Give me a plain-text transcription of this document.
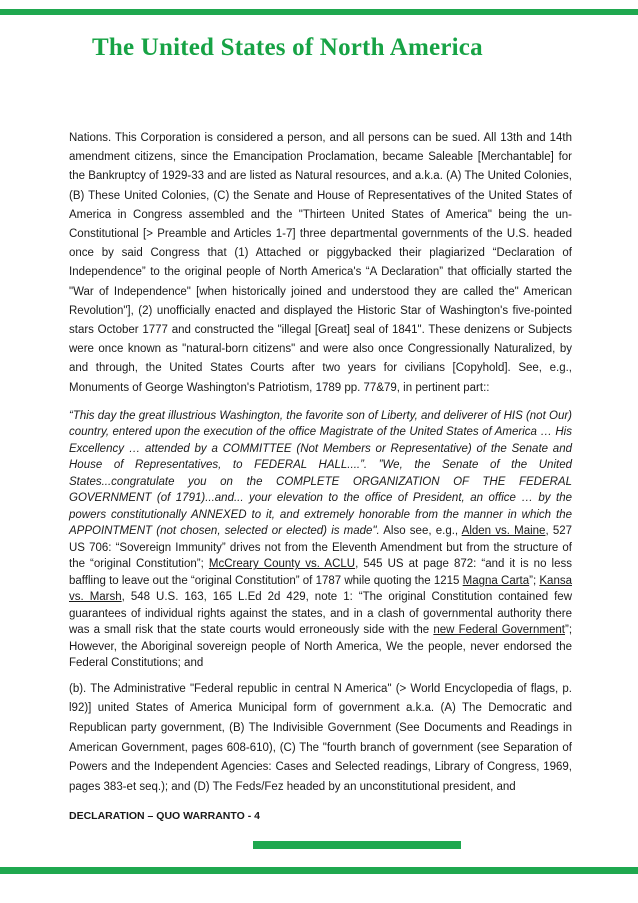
The United States of North America

Nations. This Corporation is considered a person, and all persons can be sued. All 13th and 14th amendment citizens, since the Emancipation Proclamation, became Saleable [Merchantable] for the Bankruptcy of 1929-33 and are listed as Natural resources, and a.k.a. (A) The United Colonies, (B) These United Colonies, (C) the Senate and House of Representatives of the United States of America in Congress assembled and the "Thirteen United States of America" being the un-Constitutional [> Preamble and Articles 1-7] three departmental governments of the U.S. headed once by said Congress that (1) Attached or piggybacked their plagiarized “Declaration of Independence” to the original people of North America's “A Declaration” that officially started the "War of Independence" [when historically joined and understood they are called the" American Revolution"], (2) unofficially enacted and displayed the Historic Star of Washington's five-pointed stars October 1777 and constructed the "illegal [Great] seal of 1841". These denizens or Subjects were once known as "natural-born citizens" and were also once Congressionally Naturalized, by and through, the United States Courts after two years for civilians [Copyhold]. See, e.g., Monuments of George Washington's Patriotism, 1789 pp. 77&79, in pertinent part::

“This day the great illustrious Washington, the favorite son of Liberty, and deliverer of HIS (not Our) country, entered upon the execution of the office Magistrate of the United States of America … His Excellency … attended by a COMMITTEE (Not Members or Representative) of the Senate and House of Representatives, to FEDERAL HALL....”. ”We, the Senate of the United States...congratulate you on the COMPLETE ORGANIZATION OF THE FEDERAL GOVERNMENT (of 1791)...and... your elevation to the office of President, an office … by the powers constitutionally ANNEXED to it, and extremely honorable from the manner in which the APPOINTMENT (not chosen, selected or elected) is made". Also see, e.g., Alden vs. Maine, 527 US 706: “Sovereign Immunity” drives not from the Eleventh Amendment but from the structure of the “original Constitution”; McCreary County vs. ACLU, 545 US at page 872: “and it is no less baffling to leave out the “original Constitution” of 1787 while quoting the 1215 Magna Carta”; Kansa vs. Marsh, 548 U.S. 163, 165 L.Ed 2d 429, note 1: “The original Constitution contained few guarantees of individual rights against the states, and in a clash of governmental authority there was a small risk that the state courts would erroneously side with the new Federal Government”; However, the Aboriginal sovereign people of North America, We the people, never endorsed the Federal Constitutions; and

(b). The Administrative "Federal republic in central N America" (> World Encyclopedia of flags, p. l92)] united States of America Municipal form of government a.k.a. (A) The Democratic and Republican party government, (B) The Indivisible Government (See Documents and Readings in American Government, pages 608-610), (C) The "fourth branch of government (see Separation of Powers and the Independent Agencies: Cases and Selected readings, Library of Congress, 1969, pages 383-et seq.); and (D) The Feds/Fez headed by an unconstitutional president, and

DECLARATION – QUO WARRANTO - 4
